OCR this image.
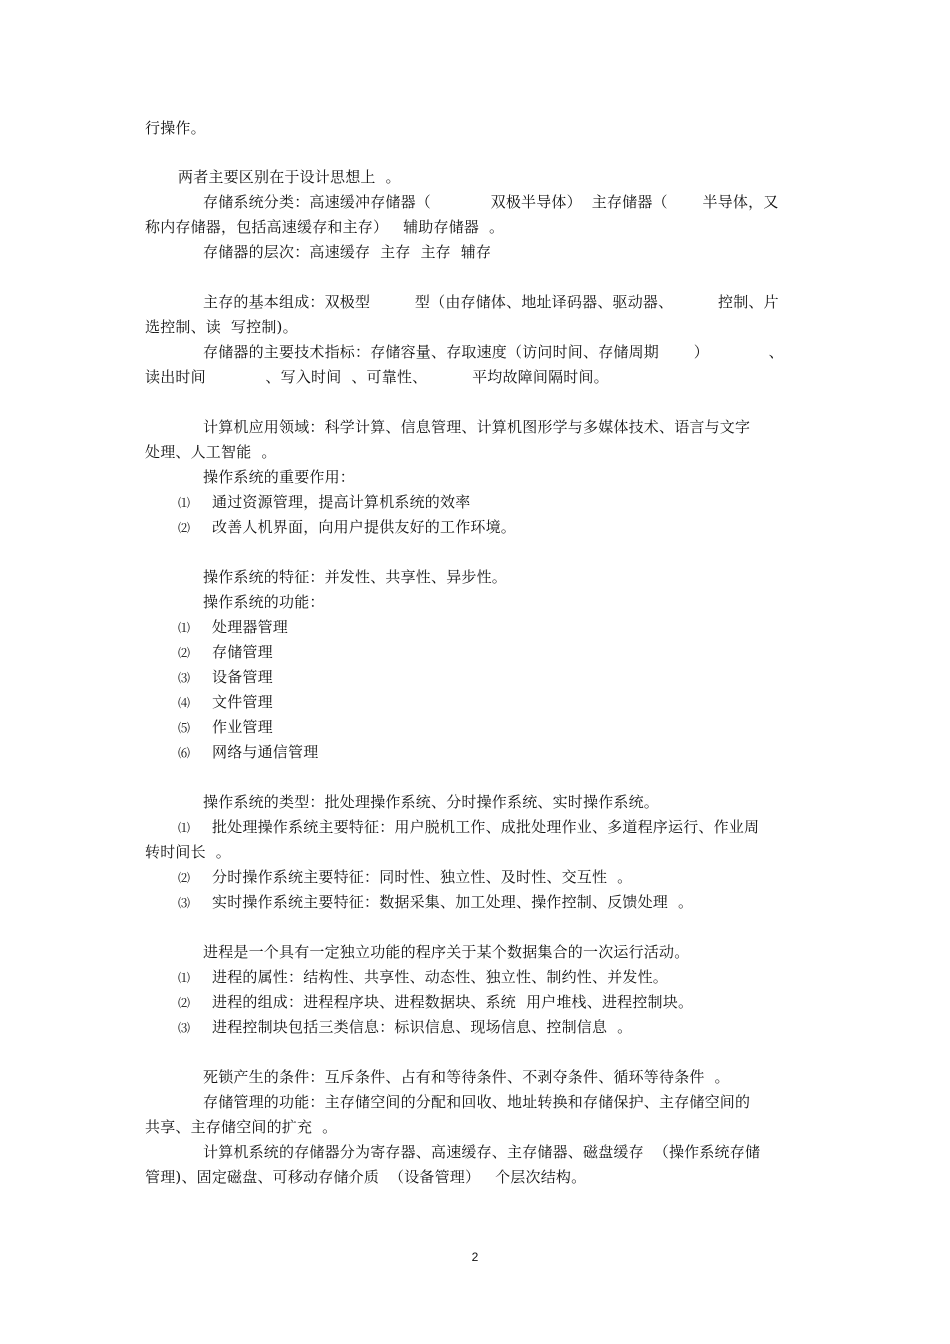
行操作。
两者主要区别在于设计思想上  。
存储系统分类：高速缓冲存储器（            双极半导体）  主存储器（       半导体，又
称内存储器，包括高速缓存和主存）   辅助存储器  。
存储器的层次：高速缓存  主存  主存  辅存
主存的基本组成：双极型         型（由存储体、地址译码器、驱动器、         控制、片
选控制、读  写控制)。
存储器的主要技术指标：存储容量、存取速度（访问时间、存储周期       ）            、
读出时间            、写入时间  、可靠性、         平均故障间隔时间。
计算机应用领域：科学计算、信息管理、计算机图形学与多媒体技术、语言与文字
处理、人工智能  。
操作系统的重要作用：
⑴ 通过资源管理，提高计算机系统的效率
⑵ 改善人机界面，向用户提供友好的工作环境。
操作系统的特征：并发性、共享性、异步性。
操作系统的功能：
⑴ 处理器管理
⑵ 存储管理
⑶ 设备管理
⑷ 文件管理
⑸ 作业管理
⑹ 网络与通信管理
操作系统的类型：批处理操作系统、分时操作系统、实时操作系统。
⑴ 批处理操作系统主要特征：用户脱机工作、成批处理作业、多道程序运行、作业周
转时间长  。
⑵ 分时操作系统主要特征：同时性、独立性、及时性、交互性  。
⑶ 实时操作系统主要特征：数据采集、加工处理、操作控制、反馈处理  。
进程是一个具有一定独立功能的程序关于某个数据集合的一次运行活动。
⑴ 进程的属性：结构性、共享性、动态性、独立性、制约性、并发性。
⑵ 进程的组成：进程程序块、进程数据块、系统  用户堆栈、进程控制块。
⑶ 进程控制块包括三类信息：标识信息、现场信息、控制信息  。
死锁产生的条件：互斥条件、占有和等待条件、不剥夺条件、循环等待条件  。
存储管理的功能：主存储空间的分配和回收、地址转换和存储保护、主存储空间的
共享、主存储空间的扩充  。
计算机系统的存储器分为寄存器、高速缓存、主存储器、磁盘缓存  （操作系统存储
管理)、固定磁盘、可移动存储介质  （设备管理）   个层次结构。
2
